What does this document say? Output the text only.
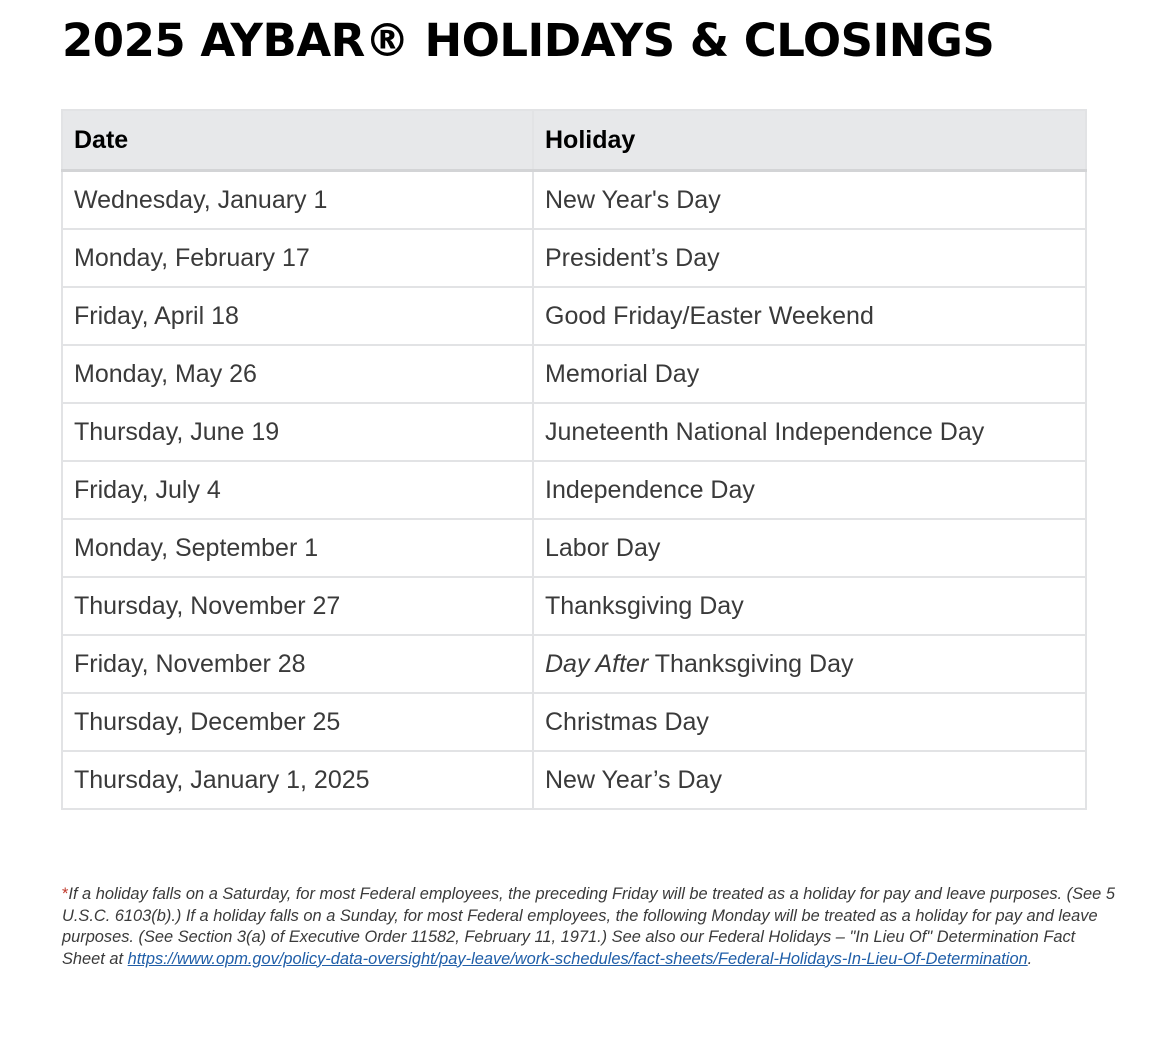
2025 AYBAR® HOLIDAYS & CLOSINGS
Date	Holiday
Wednesday, January 1	New Year's Day
Monday, February 17	President’s Day
Friday, April 18	Good Friday/Easter Weekend
Monday, May 26	Memorial Day
Thursday, June 19	Juneteenth National Independence Day
Friday, July 4	Independence Day
Monday, September 1	Labor Day
Thursday, November 27	Thanksgiving Day
Friday, November 28	Day After Thanksgiving Day
Thursday, December 25	Christmas Day
Thursday, January 1, 2025	New Year’s Day
*If a holiday falls on a Saturday, for most Federal employees, the preceding Friday will be treated as a holiday for pay and leave purposes. (See 5 U.S.C. 6103(b).) If a holiday falls on a Sunday, for most Federal employees, the following Monday will be treated as a holiday for pay and leave purposes. (See Section 3(a) of Executive Order 11582, February 11, 1971.) See also our Federal Holidays – "In Lieu Of" Determination Fact Sheet at https://www.opm.gov/policy-data-oversight/pay-leave/work-schedules/fact-sheets/Federal-Holidays-In-Lieu-Of-Determination.
